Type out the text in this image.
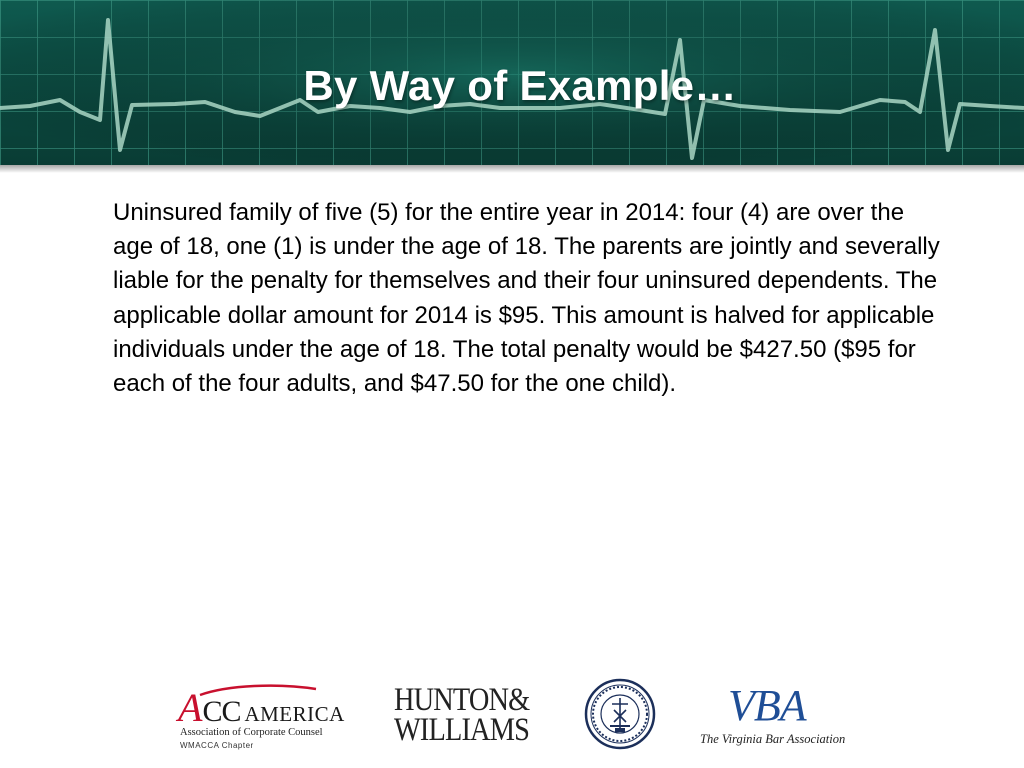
By Way of Example…
Uninsured family of five (5) for the entire year in 2014: four (4) are over the age of 18, one (1) is under the age of 18. The parents are jointly and severally liable for the penalty for themselves and their four uninsured dependents. The applicable dollar amount for 2014 is $95. This amount is halved for applicable individuals under the age of 18. The total penalty would be $427.50 ($95 for each of the four adults, and $47.50 for the one child).
ACC AMERICA
Association of Corporate Counsel
WMACCA Chapter
HUNTON&
WILLIAMS	VBA
The Virginia Bar Association
